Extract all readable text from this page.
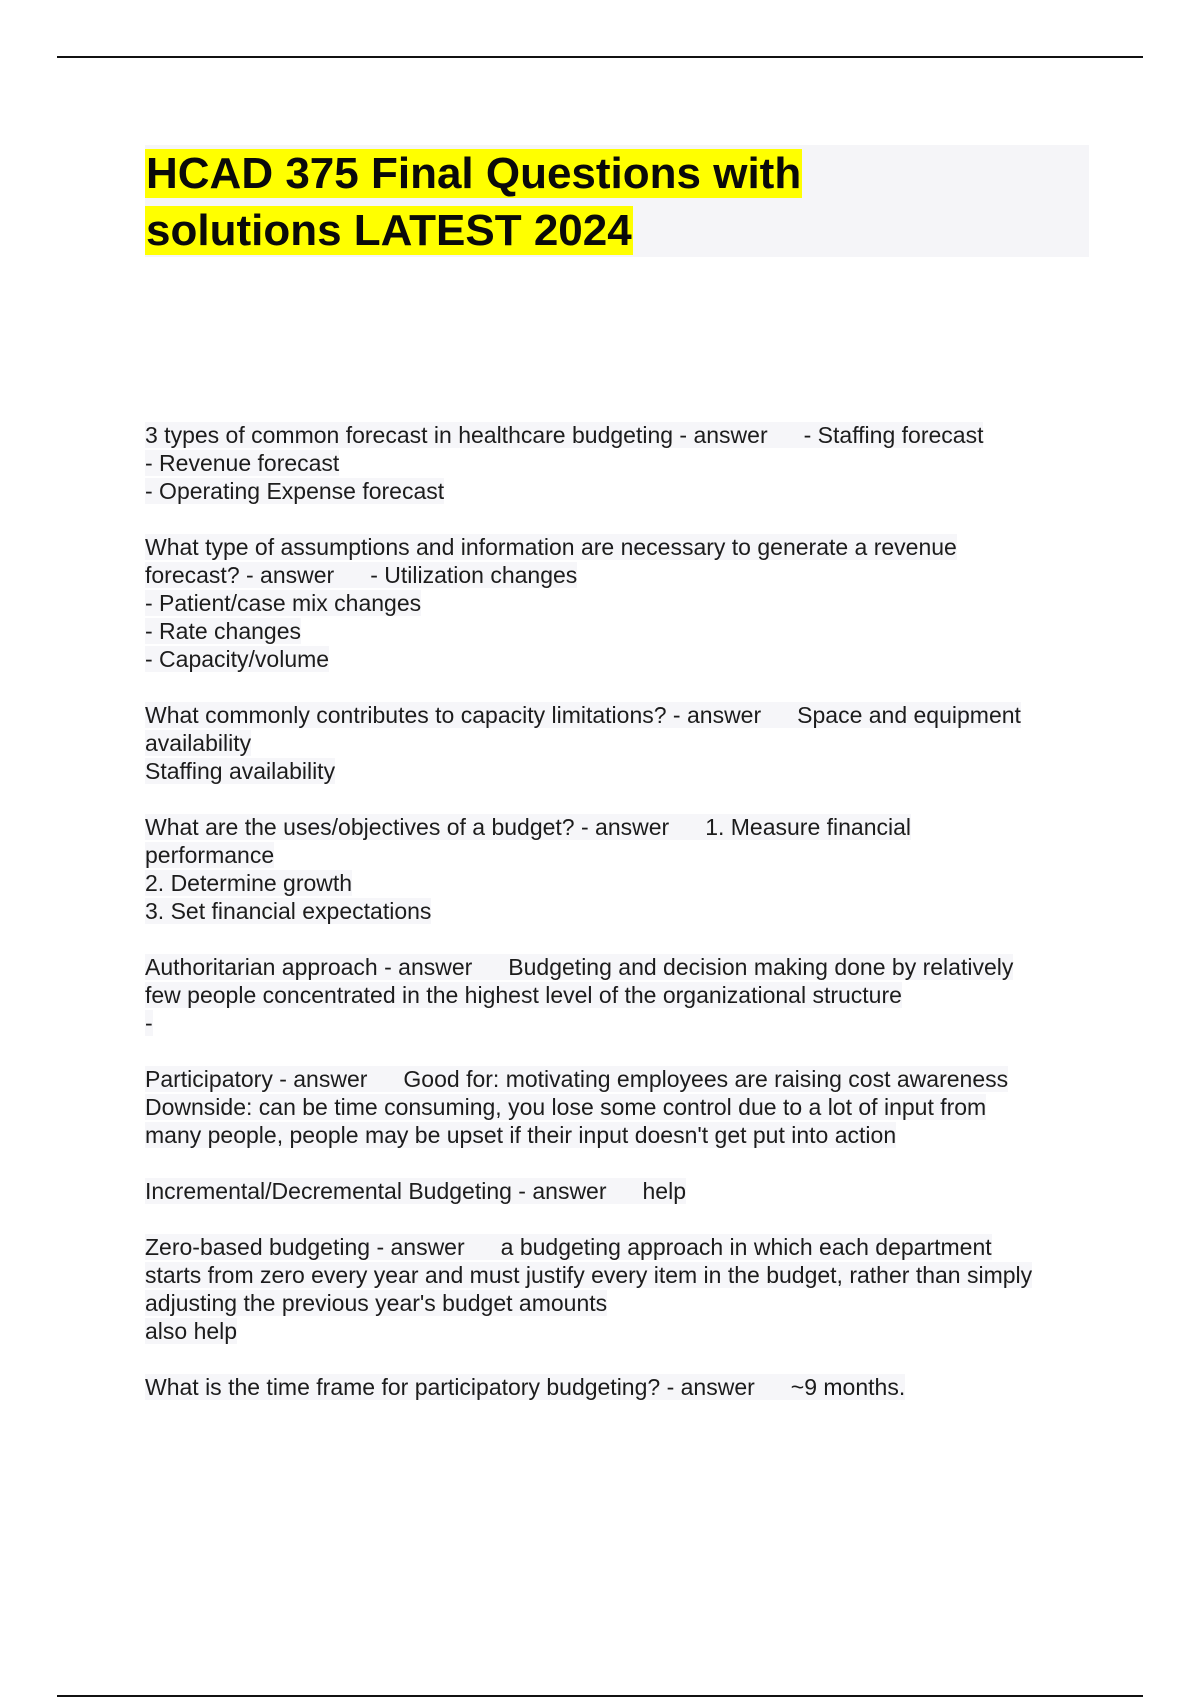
HCAD 375 Final Questions with
solutions LATEST 2024
3 types of common forecast in healthcare budgeting - answer - Staffing forecast
- Revenue forecast
- Operating Expense forecast
What type of assumptions and information are necessary to generate a revenue
forecast? - answer - Utilization changes
- Patient/case mix changes
- Rate changes
- Capacity/volume
What commonly contributes to capacity limitations? - answer Space and equipment
availability
Staffing availability
What are the uses/objectives of a budget? - answer 1. Measure financial
performance
2. Determine growth
3. Set financial expectations
Authoritarian approach - answer Budgeting and decision making done by relatively
few people concentrated in the highest level of the organizational structure
-
Participatory - answer Good for: motivating employees are raising cost awareness
Downside: can be time consuming, you lose some control due to a lot of input from
many people, people may be upset if their input doesn't get put into action
Incremental/Decremental Budgeting - answer help
Zero-based budgeting - answer a budgeting approach in which each department
starts from zero every year and must justify every item in the budget, rather than simply
adjusting the previous year's budget amounts
also help
What is the time frame for participatory budgeting? - answer ~9 months.
